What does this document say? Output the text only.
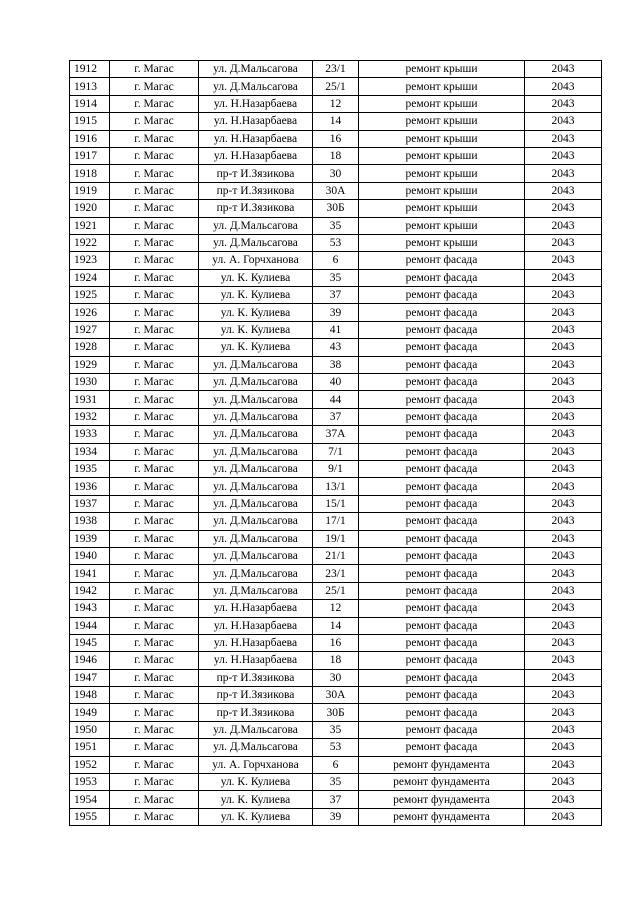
1912	г. Магас	ул. Д.Мальсагова	23/1	ремонт крыши	2043
1913	г. Магас	ул. Д.Мальсагова	25/1	ремонт крыши	2043
1914	г. Магас	ул. Н.Назарбаева	12	ремонт крыши	2043
1915	г. Магас	ул. Н.Назарбаева	14	ремонт крыши	2043
1916	г. Магас	ул. Н.Назарбаева	16	ремонт крыши	2043
1917	г. Магас	ул. Н.Назарбаева	18	ремонт крыши	2043
1918	г. Магас	пр-т И.Зязикова	30	ремонт крыши	2043
1919	г. Магас	пр-т И.Зязикова	30А	ремонт крыши	2043
1920	г. Магас	пр-т И.Зязикова	30Б	ремонт крыши	2043
1921	г. Магас	ул. Д.Мальсагова	35	ремонт крыши	2043
1922	г. Магас	ул. Д.Мальсагова	53	ремонт крыши	2043
1923	г. Магас	ул. А. Горчханова	6	ремонт фасада	2043
1924	г. Магас	ул. К. Кулиева	35	ремонт фасада	2043
1925	г. Магас	ул. К. Кулиева	37	ремонт фасада	2043
1926	г. Магас	ул. К. Кулиева	39	ремонт фасада	2043
1927	г. Магас	ул. К. Кулиева	41	ремонт фасада	2043
1928	г. Магас	ул. К. Кулиева	43	ремонт фасада	2043
1929	г. Магас	ул. Д.Мальсагова	38	ремонт фасада	2043
1930	г. Магас	ул. Д.Мальсагова	40	ремонт фасада	2043
1931	г. Магас	ул. Д.Мальсагова	44	ремонт фасада	2043
1932	г. Магас	ул. Д.Мальсагова	37	ремонт фасада	2043
1933	г. Магас	ул. Д.Мальсагова	37А	ремонт фасада	2043
1934	г. Магас	ул. Д.Мальсагова	7/1	ремонт фасада	2043
1935	г. Магас	ул. Д.Мальсагова	9/1	ремонт фасада	2043
1936	г. Магас	ул. Д.Мальсагова	13/1	ремонт фасада	2043
1937	г. Магас	ул. Д.Мальсагова	15/1	ремонт фасада	2043
1938	г. Магас	ул. Д.Мальсагова	17/1	ремонт фасада	2043
1939	г. Магас	ул. Д.Мальсагова	19/1	ремонт фасада	2043
1940	г. Магас	ул. Д.Мальсагова	21/1	ремонт фасада	2043
1941	г. Магас	ул. Д.Мальсагова	23/1	ремонт фасада	2043
1942	г. Магас	ул. Д.Мальсагова	25/1	ремонт фасада	2043
1943	г. Магас	ул. Н.Назарбаева	12	ремонт фасада	2043
1944	г. Магас	ул. Н.Назарбаева	14	ремонт фасада	2043
1945	г. Магас	ул. Н.Назарбаева	16	ремонт фасада	2043
1946	г. Магас	ул. Н.Назарбаева	18	ремонт фасада	2043
1947	г. Магас	пр-т И.Зязикова	30	ремонт фасада	2043
1948	г. Магас	пр-т И.Зязикова	30А	ремонт фасада	2043
1949	г. Магас	пр-т И.Зязикова	30Б	ремонт фасада	2043
1950	г. Магас	ул. Д.Мальсагова	35	ремонт фасада	2043
1951	г. Магас	ул. Д.Мальсагова	53	ремонт фасада	2043
1952	г. Магас	ул. А. Горчханова	6	ремонт фундамента	2043
1953	г. Магас	ул. К. Кулиева	35	ремонт фундамента	2043
1954	г. Магас	ул. К. Кулиева	37	ремонт фундамента	2043
1955	г. Магас	ул. К. Кулиева	39	ремонт фундамента	2043
